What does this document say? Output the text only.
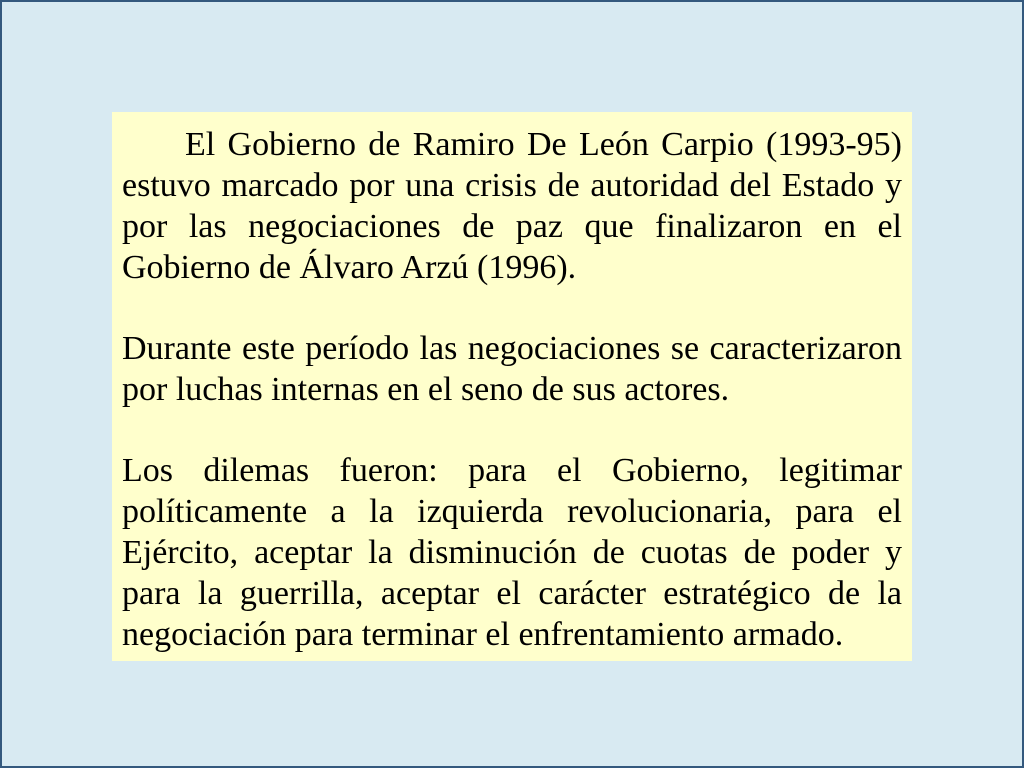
El Gobierno de Ramiro De León Carpio (1993-95) estuvo marcado por una crisis de autoridad del Estado y por las negociaciones de paz que finalizaron en el Gobierno de Álvaro Arzú (1996).

Durante este período las negociaciones se caracterizaron por luchas internas en el seno de sus actores.

Los dilemas fueron: para el Gobierno, legitimar políticamente a la izquierda revolucionaria, para el Ejército, aceptar la disminución de cuotas de poder y para la guerrilla, aceptar el carácter estratégico de la negociación para terminar el enfrentamiento armado.
